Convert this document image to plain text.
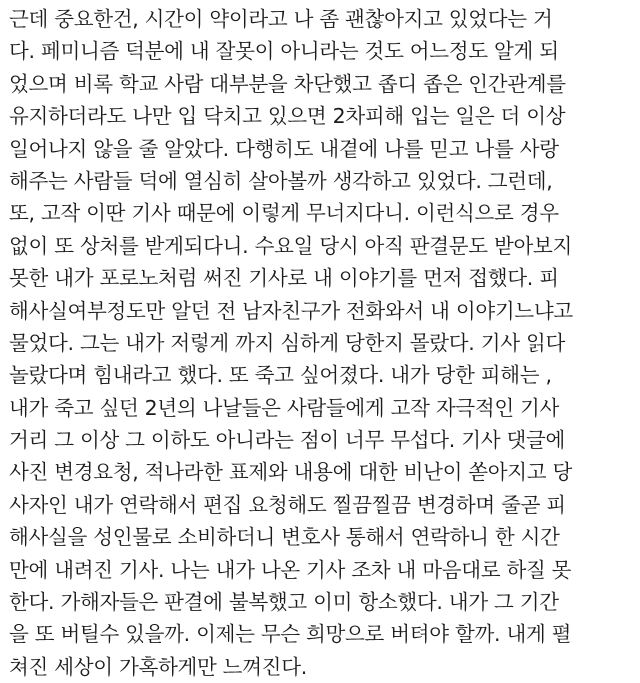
근데 중요한건, 시간이 약이라고 나 좀 괜찮아지고 있었다는 거
다. 페미니즘 덕분에 내 잘못이 아니라는 것도 어느정도 알게 되
었으며 비록 학교 사람 대부분을 차단했고 좁디 좁은 인간관계를
유지하더라도 나만 입 닥치고 있으면 2차피해 입는 일은 더 이상
일어나지 않을 줄 알았다. 다행히도 내곁에 나를 믿고 나를 사랑
해주는 사람들 덕에 열심히 살아볼까 생각하고 있었다. 그런데,
또, 고작 이딴 기사 때문에 이렇게 무너지다니. 이런식으로 경우
없이 또 상처를 받게되다니. 수요일 당시 아직 판결문도 받아보지
못한 내가 포로노처럼 써진 기사로 내 이야기를 먼저 접했다. 피
해사실여부정도만 알던 전 남자친구가 전화와서 내 이야기느냐고
물었다. 그는 내가 저렇게 까지 심하게 당한지 몰랐다. 기사 읽다
놀랐다며 힘내라고 했다. 또 죽고 싶어졌다. 내가 당한 피해는 ,
내가 죽고 싶던 2년의 나날들은 사람들에게 고작 자극적인 기사
거리 그 이상 그 이하도 아니라는 점이 너무 무섭다. 기사 댓글에
사진 변경요청, 적나라한 표제와 내용에 대한 비난이 쏟아지고 당
사자인 내가 연락해서 편집 요청해도 찔끔찔끔 변경하며 줄곧 피
해사실을 성인물로 소비하더니 변호사 통해서 연락하니 한 시간
만에 내려진 기사. 나는 내가 나온 기사 조차 내 마음대로 하질 못
한다. 가해자들은 판결에 불복했고 이미 항소했다. 내가 그 기간
을 또 버틸수 있을까. 이제는 무슨 희망으로 버텨야 할까. 내게 펼
쳐진 세상이 가혹하게만 느껴진다.
